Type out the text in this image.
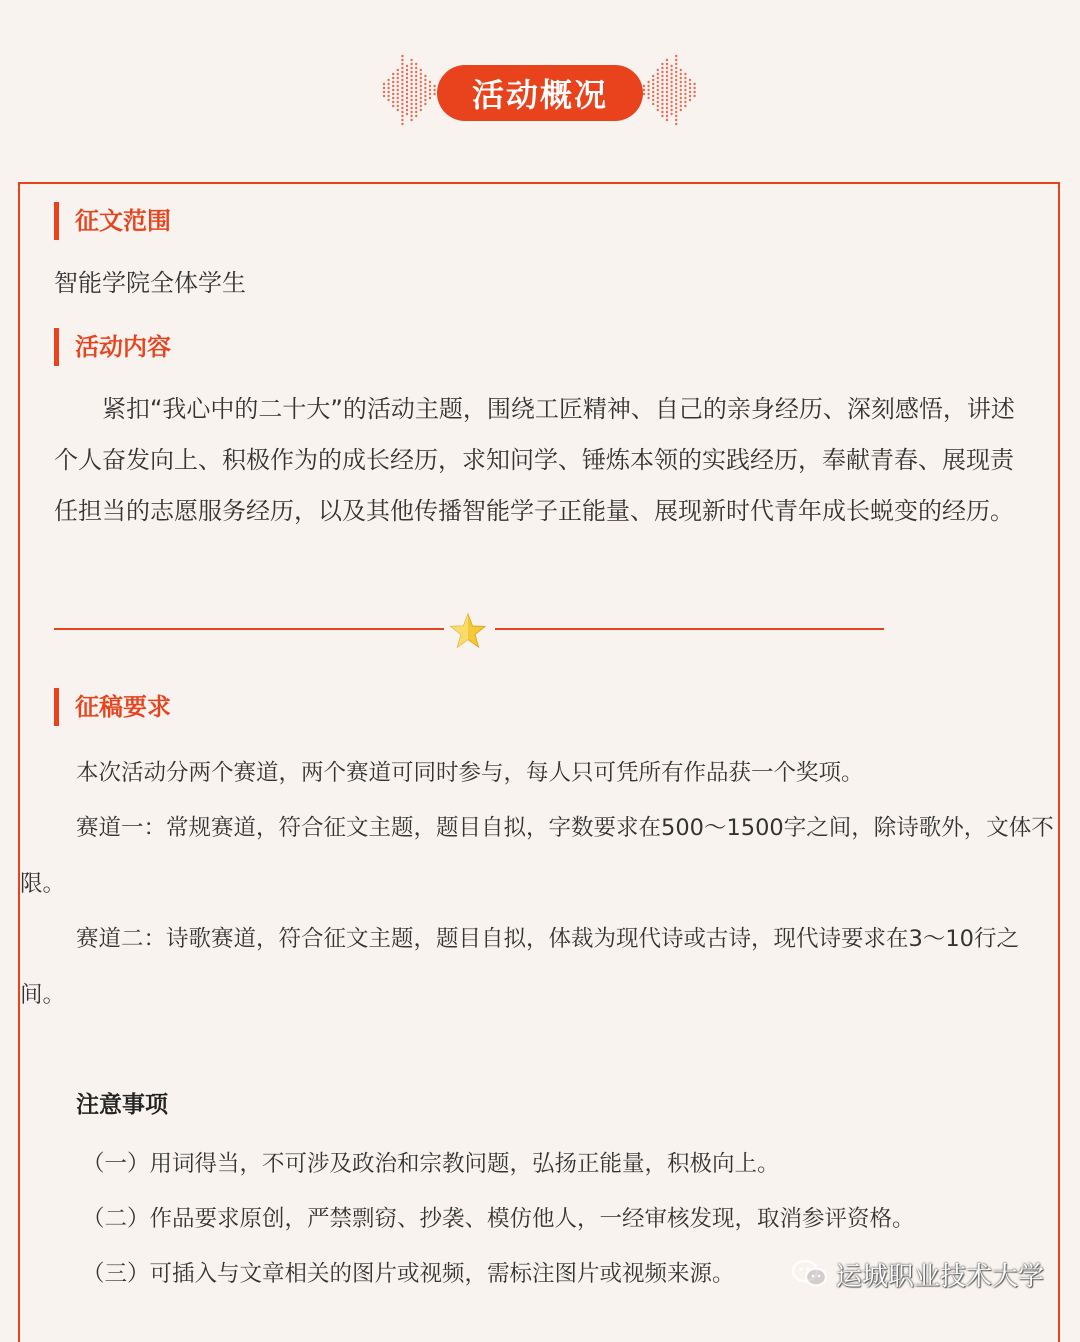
活动概况
征文范围

智能学院全体学生

活动内容

紧扣“我心中的二十大”的活动主题，围绕工匠精神、自己的亲身经历、深刻感悟，讲述个人奋发向上、积极作为的成长经历，求知问学、锤炼本领的实践经历，奉献青春、展现责任担当的志愿服务经历，以及其他传播智能学子正能量、展现新时代青年成长蜕变的经历。

征稿要求

本次活动分两个赛道，两个赛道可同时参与，每人只可凭所有作品获一个奖项。

赛道一：常规赛道，符合征文主题，题目自拟，字数要求在500～1500字之间，除诗歌外，文体不限。

赛道二：诗歌赛道，符合征文主题，题目自拟，体裁为现代诗或古诗，现代诗要求在3～10行之间。

注意事项
（一）用词得当，不可涉及政治和宗教问题，弘扬正能量，积极向上。
（二）作品要求原创，严禁剽窃、抄袭、模仿他人，一经审核发现，取消参评资格。
（三）可插入与文章相关的图片或视频，需标注图片或视频来源。	运城职业技术大学
